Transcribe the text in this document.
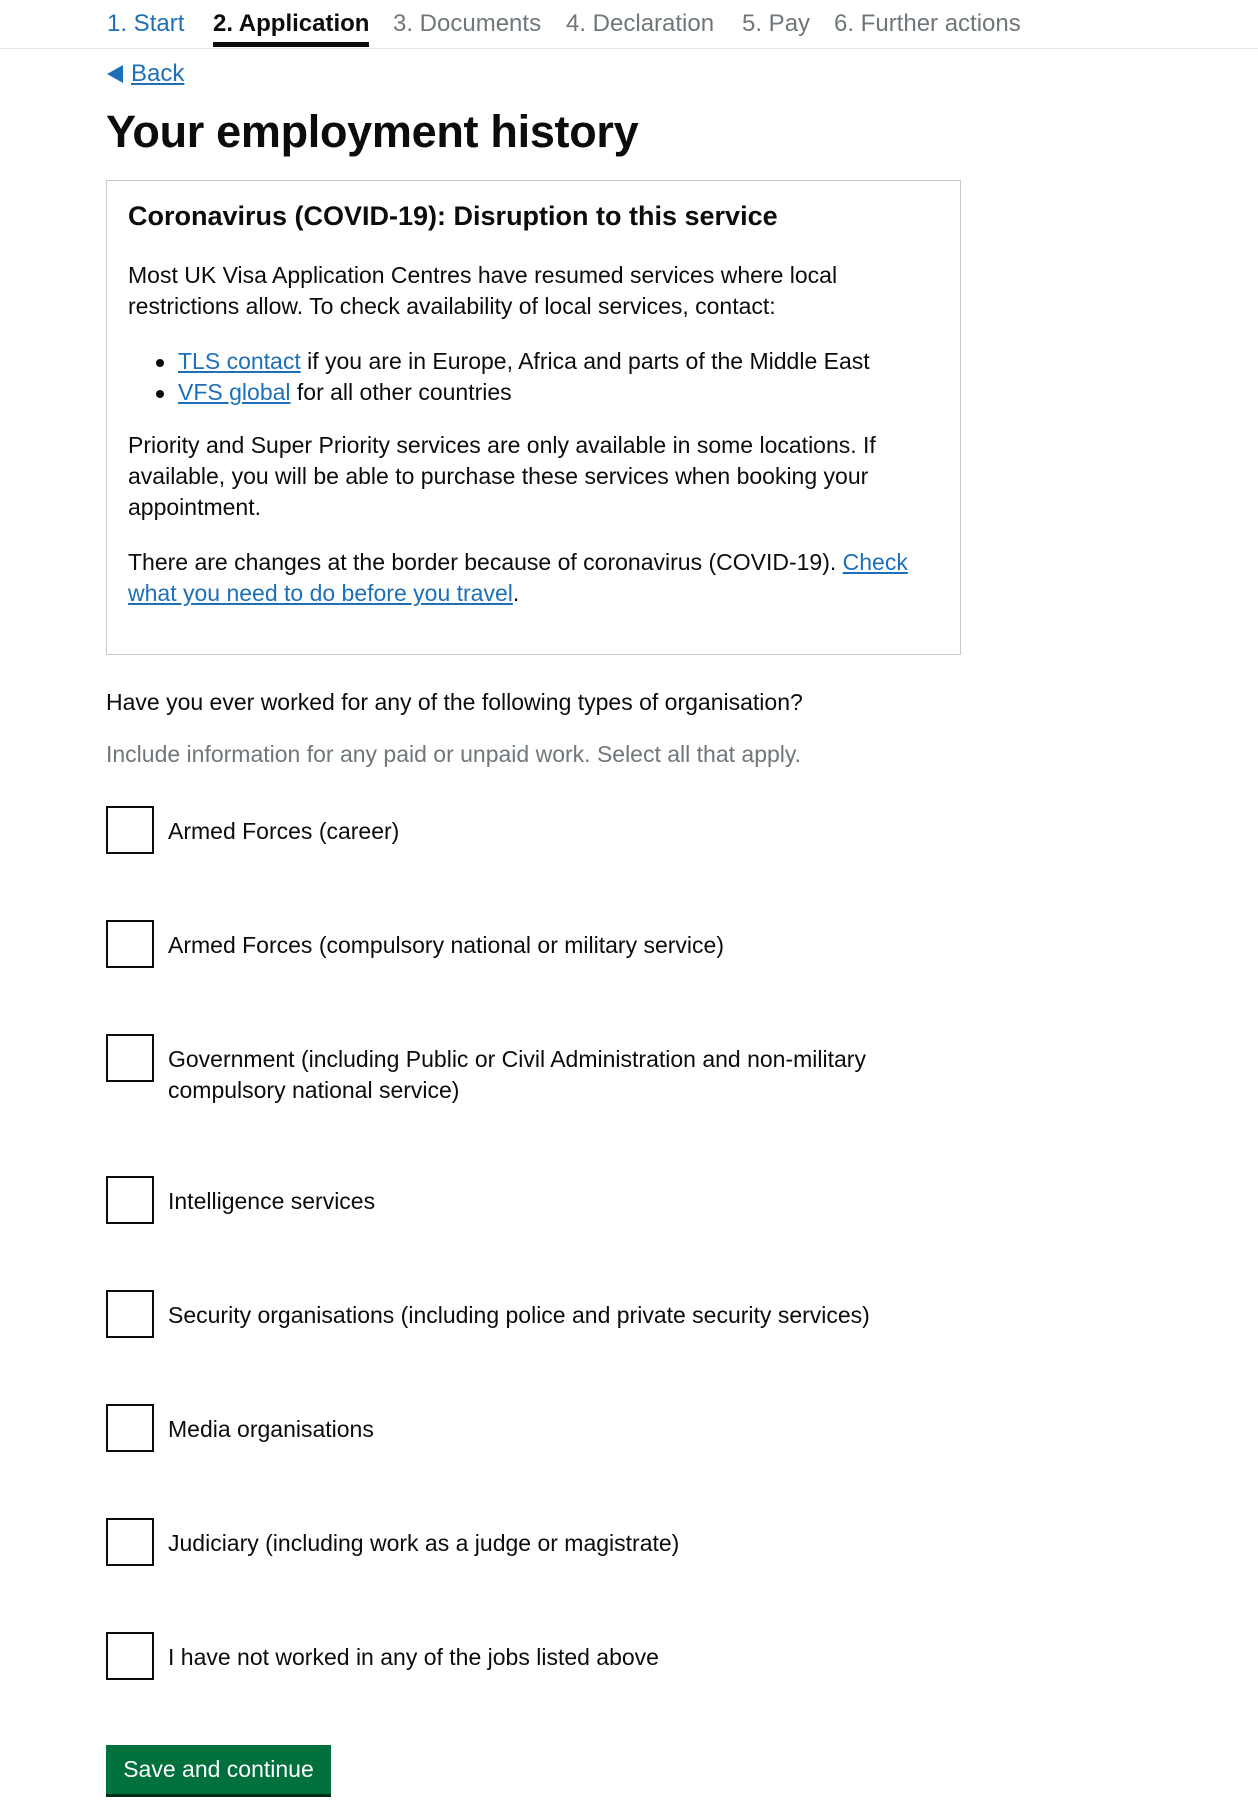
1. Start 2. Application 3. Documents 4. Declaration 5. Pay 6. Further actions
Back
Your employment history
Coronavirus (COVID-19): Disruption to this service

Most UK Visa Application Centres have resumed services where local restrictions allow. To check availability of local services, contact:

TLS contact if you are in Europe, Africa and parts of the Middle East
VFS global for all other countries

Priority and Super Priority services are only available in some locations. If available, you will be able to purchase these services when booking your appointment.

There are changes at the border because of coronavirus (COVID-19). Check what you need to do before you travel.

Have you ever worked for any of the following types of organisation?
Include information for any paid or unpaid work. Select all that apply.
Armed Forces (career)
Armed Forces (compulsory national or military service)
Government (including Public or Civil Administration and non-military compulsory national service)
Intelligence services
Security organisations (including police and private security services)
Media organisations
Judiciary (including work as a judge or magistrate)
I have not worked in any of the jobs listed above
Save and continue
